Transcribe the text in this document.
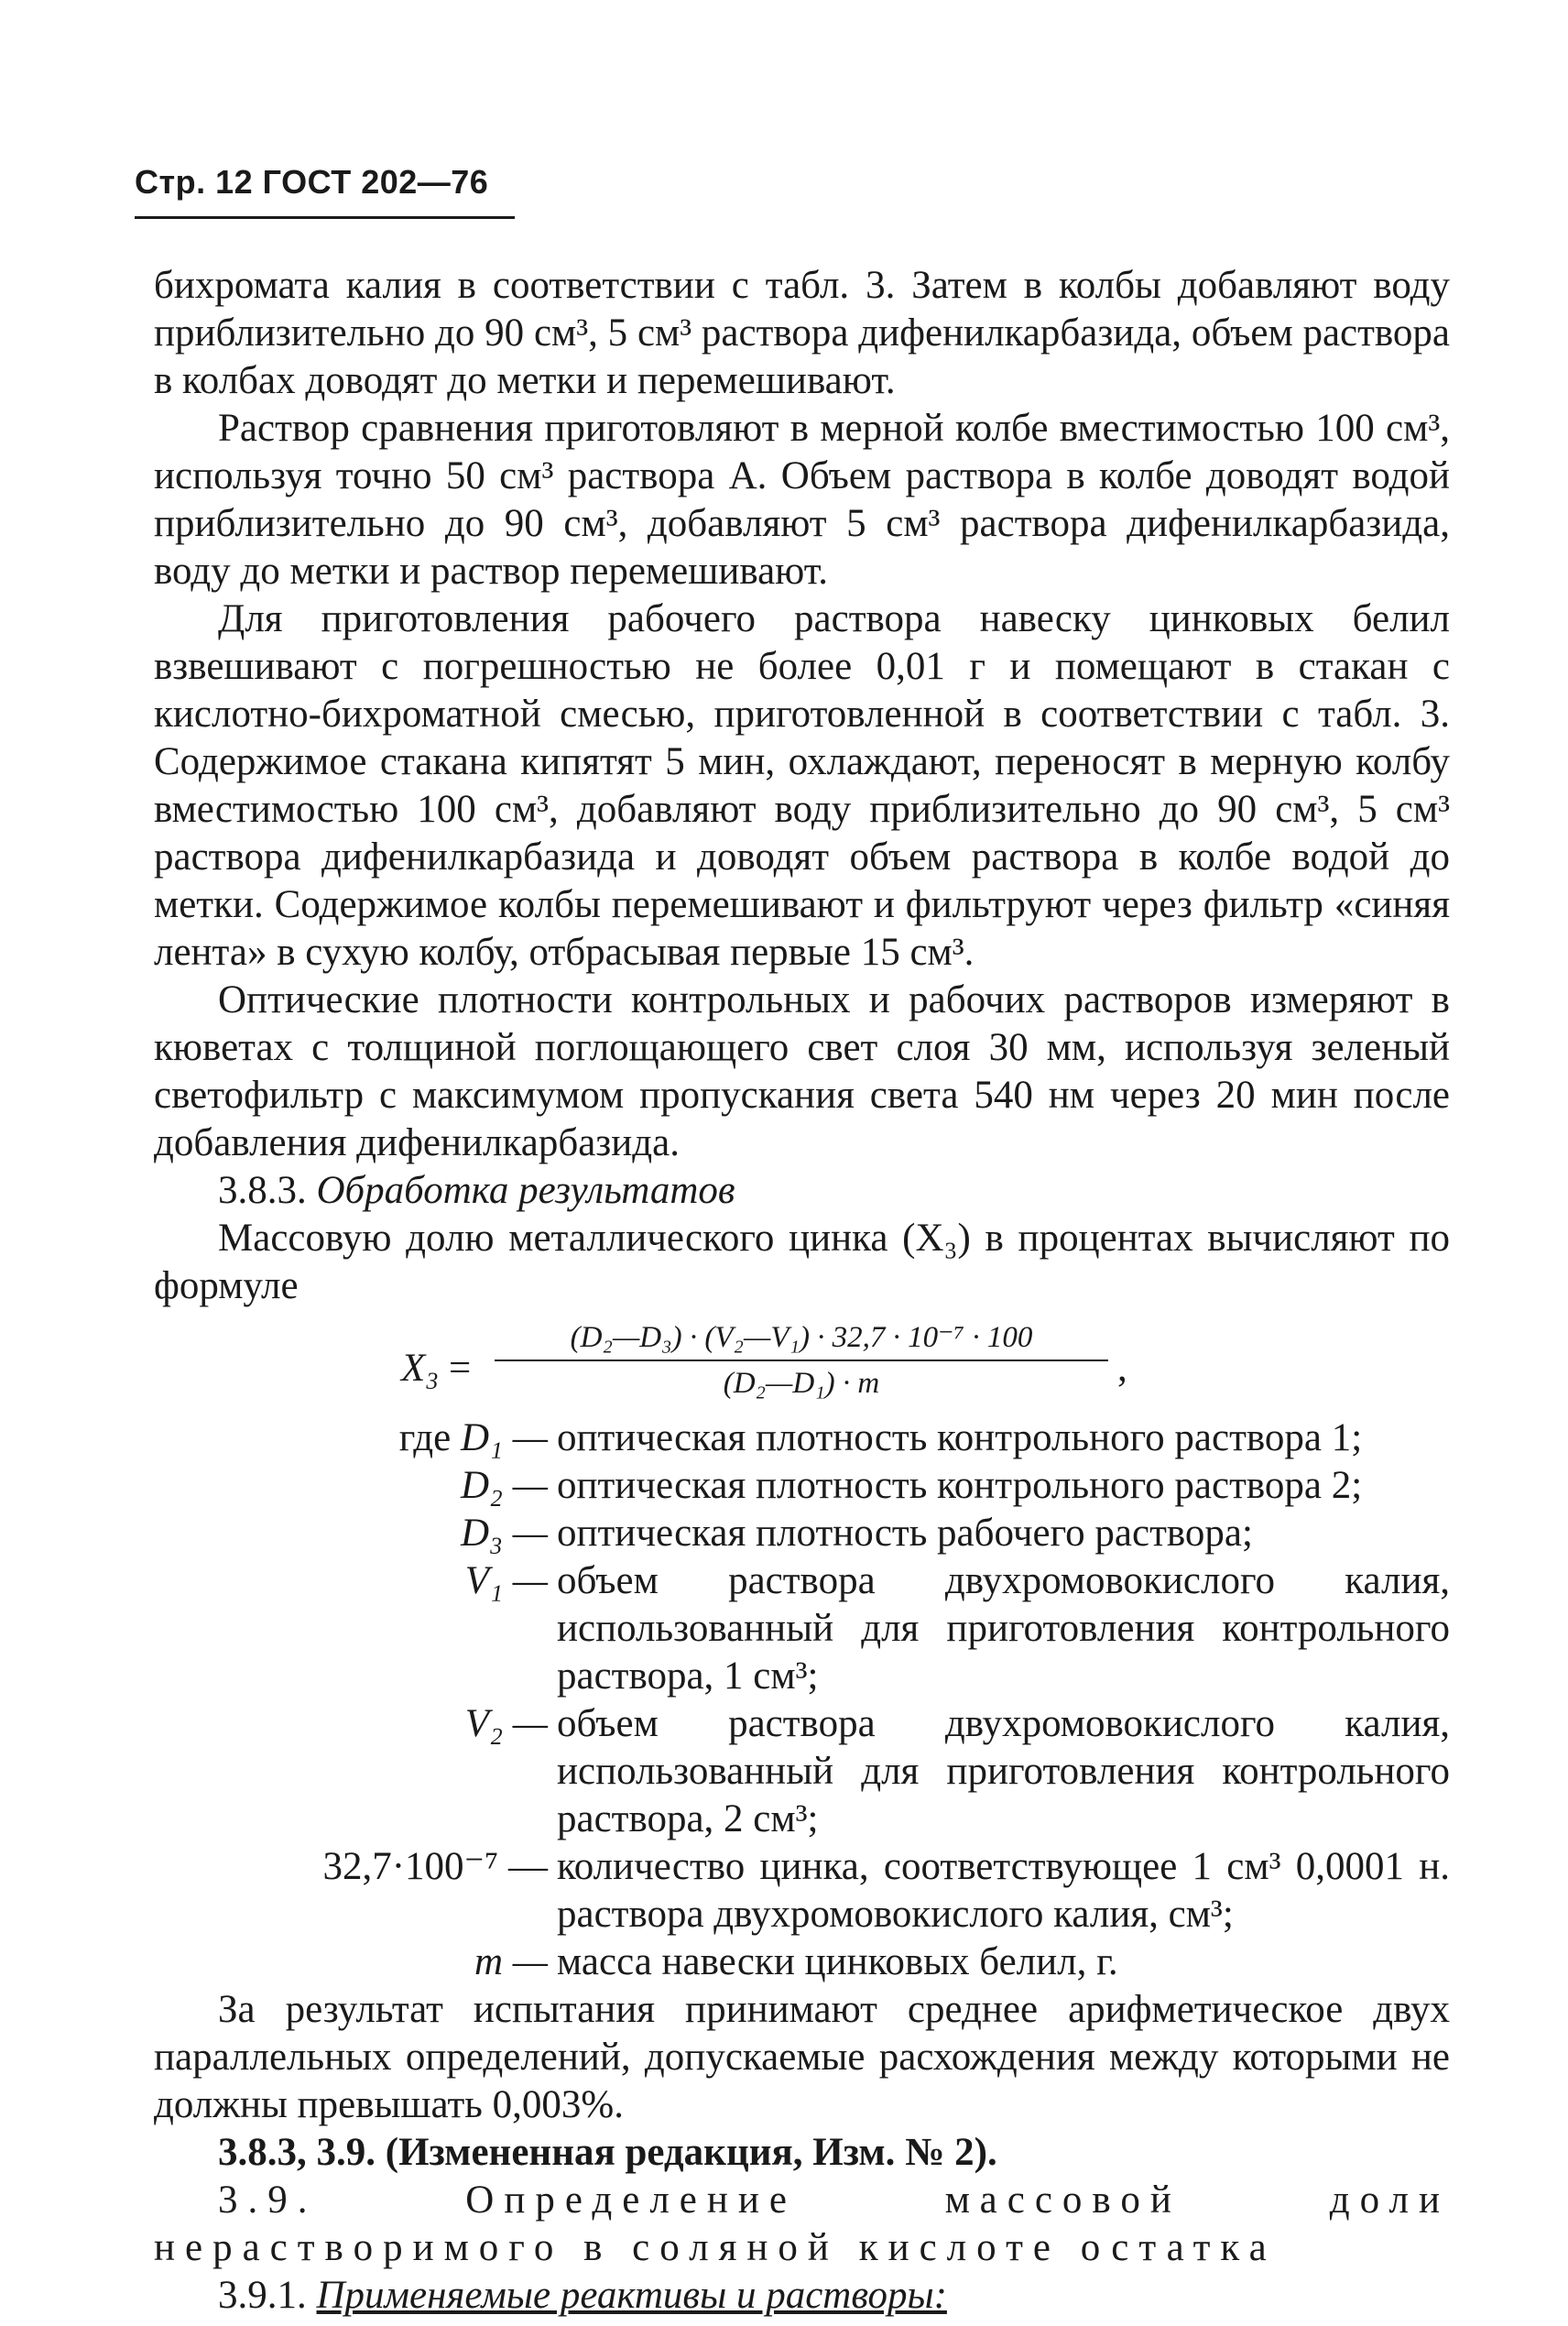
Стр. 12 ГОСТ 202—76

бихромата калия в соответствии с табл. 3. Затем в колбы добавляют воду приблизительно до 90 см³, 5 см³ раствора дифенилкарбазида, объем раствора в колбах доводят до метки и перемешивают.

Раствор сравнения приготовляют в мерной колбе вместимостью 100 см³, используя точно 50 см³ раствора А. Объем раствора в колбе доводят водой приблизительно до 90 см³, добавляют 5 см³ раствора дифенилкарбазида, воду до метки и раствор перемешивают.

Для приготовления рабочего раствора навеску цинковых белил взвешивают с погрешностью не более 0,01 г и помещают в стакан с кислотно-бихроматной смесью, приготовленной в соответствии с табл. 3. Содержимое стакана кипятят 5 мин, охлаждают, переносят в мерную колбу вместимостью 100 см³, добавляют воду приблизительно до 90 см³, 5 см³ раствора дифенилкарбазида и доводят объем раствора в колбе водой до метки. Содержимое колбы перемешивают и фильтруют через фильтр «синяя лента» в сухую колбу, отбрасывая первые 15 см³.

Оптические плотности контрольных и рабочих растворов измеряют в кюветах с толщиной поглощающего свет слоя 30 мм, используя зеленый светофильтр с максимумом пропускания света 540 нм через 20 мин после добавления дифенилкарбазида.

3.8.3. Обработка результатов

Массовую долю металлического цинка (X₃) в процентах вычисляют по формуле

X₃ =
(D₂—D₃) · (V₂—V₁) · 32,7 · 10⁻⁷ · 100
(D₂—D₁) · m	,
где D₁ — оптическая плотность контрольного раствора 1;
D₂ — оптическая плотность контрольного раствора 2;
D₃ — оптическая плотность рабочего раствора;
V₁ — объем раствора двухромовокислого калия, использованный для приготовления контрольного раствора, 1 см³;
V₂ — объем раствора двухромовокислого калия, использованный для приготовления контрольного раствора, 2 см³;
32,7·100⁻⁷ — количество цинка, соответствующее 1 см³ 0,0001 н. раствора двухромовокислого калия, см³;
m — масса навески цинковых белил, г.

За результат испытания принимают среднее арифметическое двух параллельных определений, допускаемые расхождения между которыми не должны превышать 0,003%.

3.8.3, 3.9. (Измененная редакция, Изм. № 2).

3.9. Определение массовой доли нерастворимого в соляной кислоте остатка

3.9.1. Применяемые реактивы и растворы:
